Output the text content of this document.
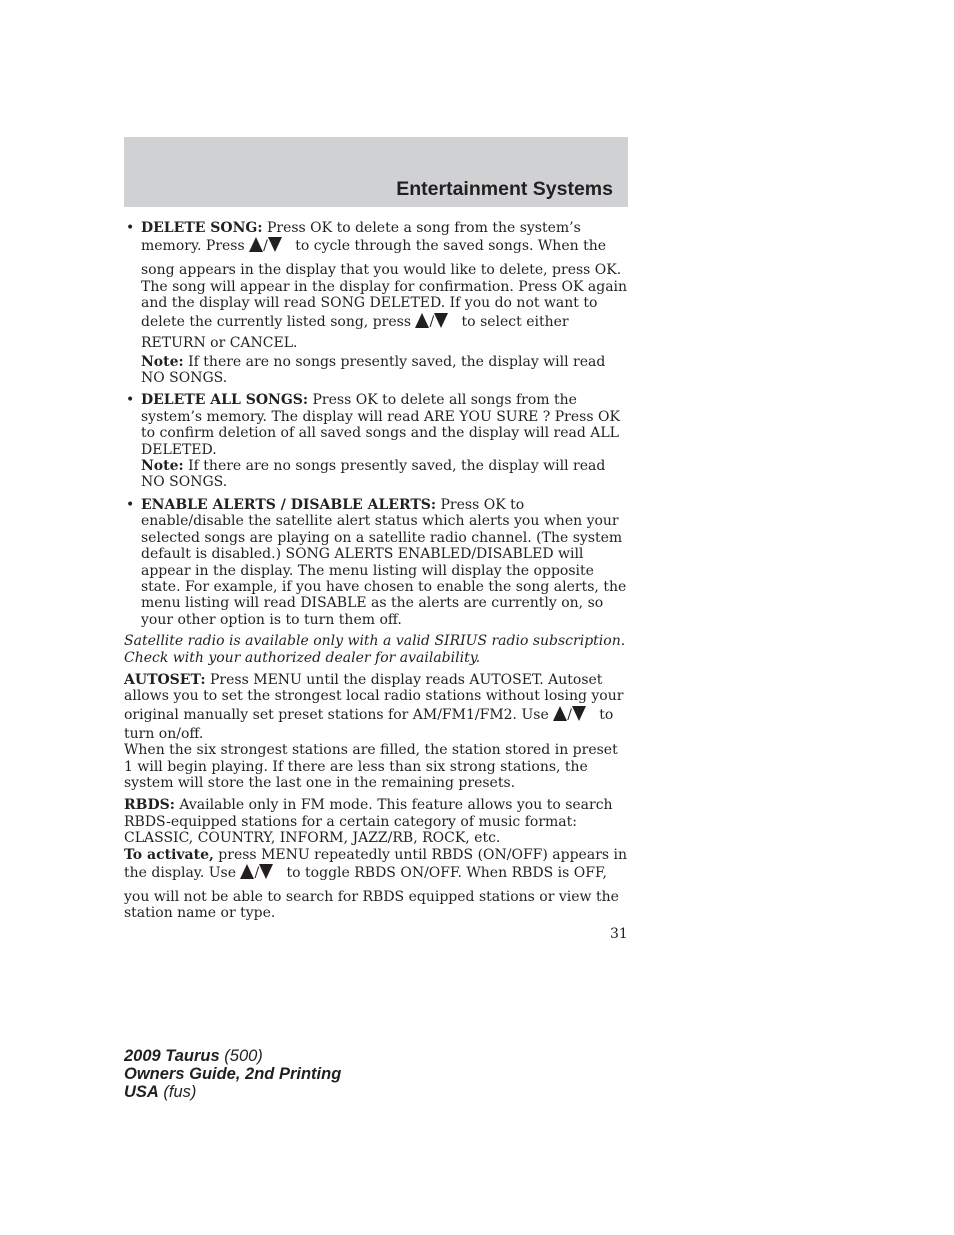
Entertainment Systems

• DELETE SONG: Press OK to delete a song from the system’s

memory. Press /   to cycle through the saved songs. When the

song appears in the display that you would like to delete, press OK. The song will appear in the display for confirmation. Press OK again and the display will read SONG DELETED. If you do not want to

delete the currently listed song, press /   to select either

RETURN or CANCEL.

Note: If there are no songs presently saved, the display will read NO SONGS.

• DELETE ALL SONGS: Press OK to delete all songs from the system’s memory. The display will read ARE YOU SURE ? Press OK to confirm deletion of all saved songs and the display will read ALL DELETED.

Note: If there are no songs presently saved, the display will read NO SONGS.

• ENABLE ALERTS / DISABLE ALERTS: Press OK to enable/disable the satellite alert status which alerts you when your selected songs are playing on a satellite radio channel. (The system default is disabled.) SONG ALERTS ENABLED/DISABLED will appear in the display. The menu listing will display the opposite state. For example, if you have chosen to enable the song alerts, the menu listing will read DISABLE as the alerts are currently on, so your other option is to turn them off.

Satellite radio is available only with a valid SIRIUS radio subscription. Check with your authorized dealer for availability.

AUTOSET: Press MENU until the display reads AUTOSET. Autoset allows you to set the strongest local radio stations without losing your

original manually set preset stations for AM/FM1/FM2. Use /   to

turn on/off.

When the six strongest stations are filled, the station stored in preset 1 will begin playing. If there are less than six strong stations, the system will store the last one in the remaining presets.

RBDS: Available only in FM mode. This feature allows you to search RBDS-equipped stations for a certain category of music format: CLASSIC, COUNTRY, INFORM, JAZZ/RB, ROCK, etc.

To activate, press MENU repeatedly until RBDS (ON/OFF) appears in

the display. Use /   to toggle RBDS ON/OFF. When RBDS is OFF,

you will not be able to search for RBDS equipped stations or view the station name or type.

31

2009 Taurus (500)
Owners Guide, 2nd Printing
USA (fus)
